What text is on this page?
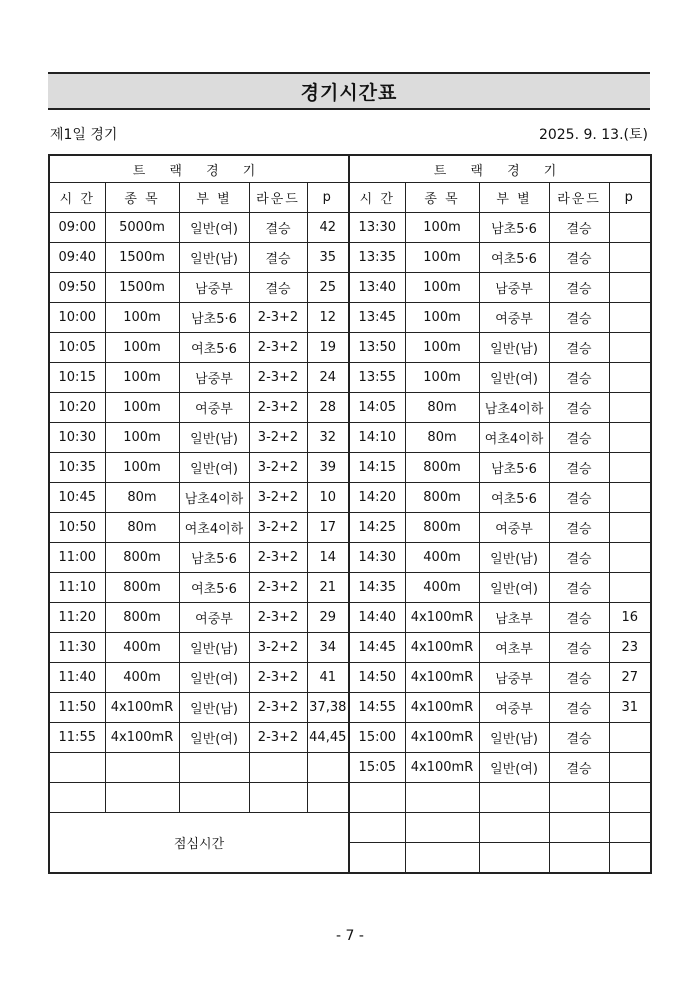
경기시간표
제1일 경기	2025. 9. 13.(토)
트 랙 경 기					트 랙 경 기				
시 간	종 목	부 별	라운드	p	시 간	종 목	부 별	라운드	p
09:00	5000m	일반(여)	결승	42	13:30	100m	남초5·6	결승	
09:40	1500m	일반(남)	결승	35	13:35	100m	여초5·6	결승	
09:50	1500m	남중부	결승	25	13:40	100m	남중부	결승	
10:00	100m	남초5·6	2-3+2	12	13:45	100m	여중부	결승	
10:05	100m	여초5·6	2-3+2	19	13:50	100m	일반(남)	결승	
10:15	100m	남중부	2-3+2	24	13:55	100m	일반(여)	결승	
10:20	100m	여중부	2-3+2	28	14:05	80m	남초4이하	결승	
10:30	100m	일반(남)	3-2+2	32	14:10	80m	여초4이하	결승	
10:35	100m	일반(여)	3-2+2	39	14:15	800m	남초5·6	결승	
10:45	80m	남초4이하	3-2+2	10	14:20	800m	여초5·6	결승	
10:50	80m	여초4이하	3-2+2	17	14:25	800m	여중부	결승	
11:00	800m	남초5·6	2-3+2	14	14:30	400m	일반(남)	결승	
11:10	800m	여초5·6	2-3+2	21	14:35	400m	일반(여)	결승	
11:20	800m	여중부	2-3+2	29	14:40	4x100mR	남초부	결승	16
11:30	400m	일반(남)	3-2+2	34	14:45	4x100mR	여초부	결승	23
11:40	400m	일반(여)	2-3+2	41	14:50	4x100mR	남중부	결승	27
11:50	4x100mR	일반(남)	2-3+2	37,38	14:55	4x100mR	여중부	결승	31
11:55	4x100mR	일반(여)	2-3+2	44,45	15:00	4x100mR	일반(남)	결승	
					15:05	4x100mR	일반(여)	결승	

점심시간									

- 7 -
